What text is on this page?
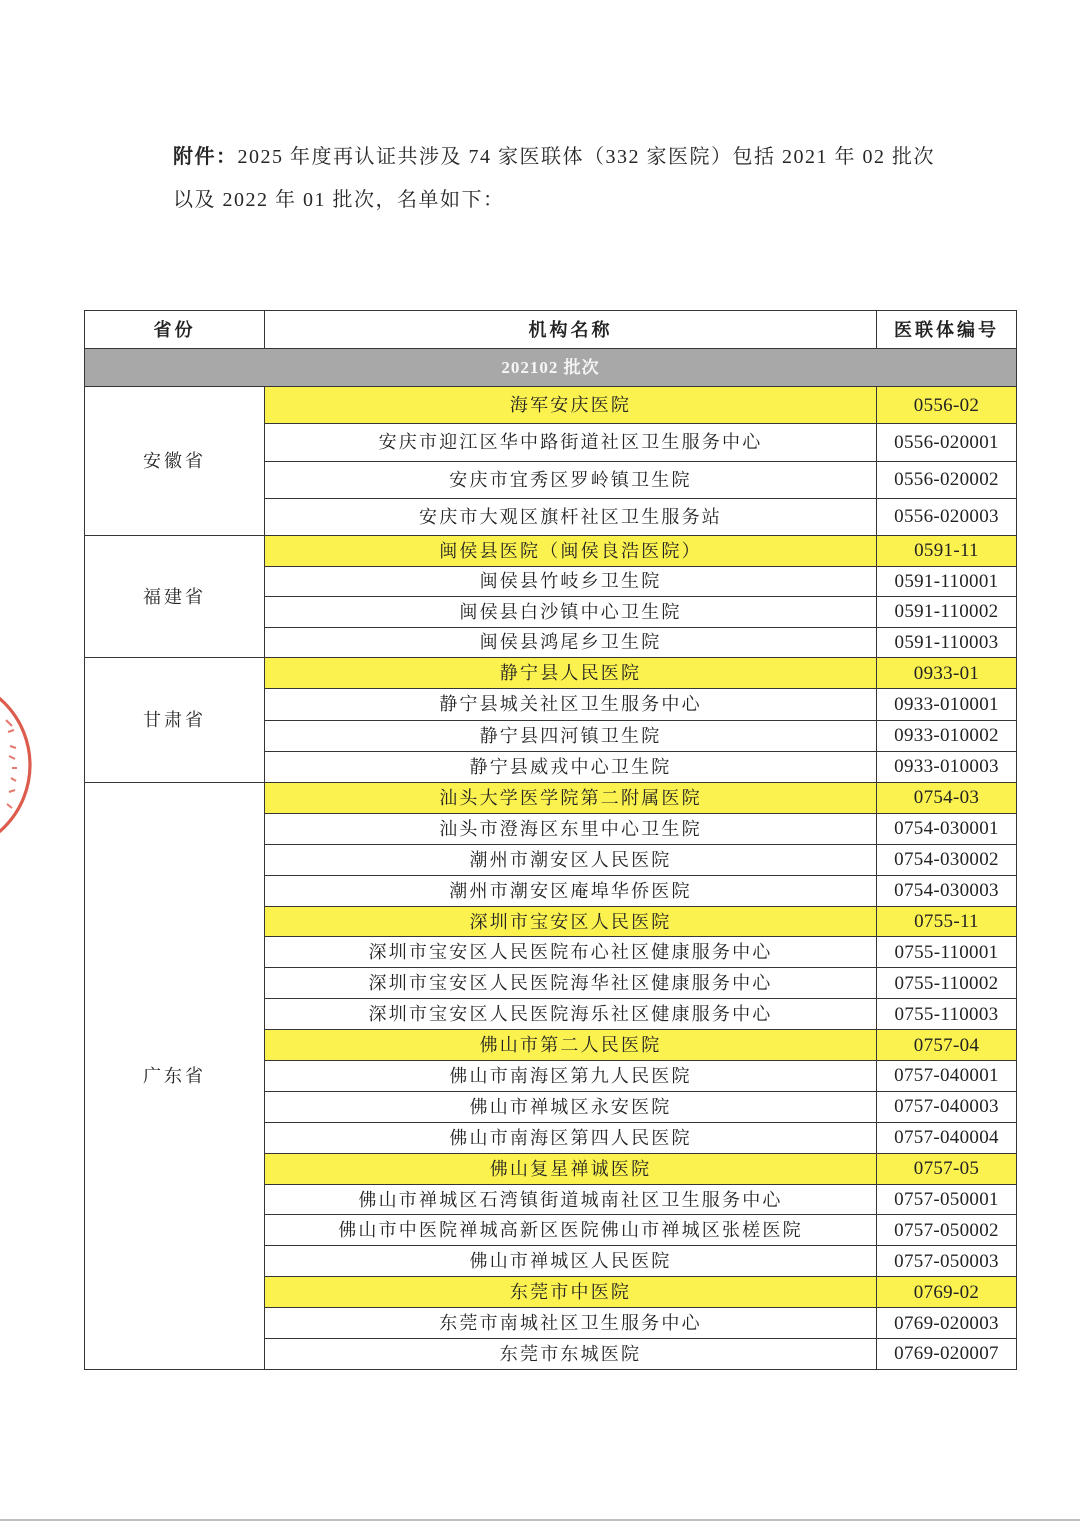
附件：2025 年度再认证共涉及 74 家医联体（332 家医院）包括 2021 年 02 批次

以及 2022 年 01 批次，名单如下：

省份	机构名称	医联体编号
202102 批次		
安徽省	海军安庆医院	0556-02
	安庆市迎江区华中路街道社区卫生服务中心	0556-020001
	安庆市宜秀区罗岭镇卫生院	0556-020002
	安庆市大观区旗杆社区卫生服务站	0556-020003
福建省	闽侯县医院（闽侯良浩医院）	0591-11
	闽侯县竹岐乡卫生院	0591-110001
	闽侯县白沙镇中心卫生院	0591-110002
	闽侯县鸿尾乡卫生院	0591-110003
甘肃省	静宁县人民医院	0933-01
	静宁县城关社区卫生服务中心	0933-010001
	静宁县四河镇卫生院	0933-010002
	静宁县威戎中心卫生院	0933-010003
广东省	汕头大学医学院第二附属医院	0754-03
	汕头市澄海区东里中心卫生院	0754-030001
	潮州市潮安区人民医院	0754-030002
	潮州市潮安区庵埠华侨医院	0754-030003
	深圳市宝安区人民医院	0755-11
	深圳市宝安区人民医院布心社区健康服务中心	0755-110001
	深圳市宝安区人民医院海华社区健康服务中心	0755-110002
	深圳市宝安区人民医院海乐社区健康服务中心	0755-110003
	佛山市第二人民医院	0757-04
	佛山市南海区第九人民医院	0757-040001
	佛山市禅城区永安医院	0757-040003
	佛山市南海区第四人民医院	0757-040004
	佛山复星禅诚医院	0757-05
	佛山市禅城区石湾镇街道城南社区卫生服务中心	0757-050001
	佛山市中医院禅城高新区医院佛山市禅城区张槎医院	0757-050002
	佛山市禅城区人民医院	0757-050003
	东莞市中医院	0769-02
	东莞市南城社区卫生服务中心	0769-020003
	东莞市东城医院	0769-020007
